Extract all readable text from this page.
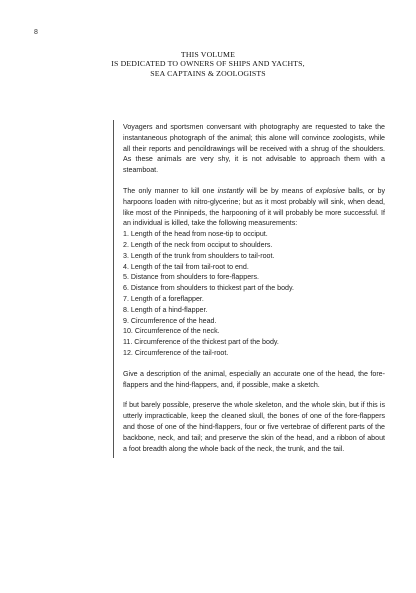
8
THIS VOLUME
IS DEDICATED TO OWNERS OF SHIPS AND YACHTS,
SEA CAPTAINS & ZOOLOGISTS

Voyagers and sportsmen conversant with photography are requested to take the instantaneous photograph of the animal; this alone will convince zoologists, while all their reports and pencildrawings will be received with a shrug of the shoulders. As these animals are very shy, it is not advisable to approach them with a steamboat.

The only manner to kill one instantly will be by means of explosive balls, or by harpoons loaden with nitro-glycerine; but as it most probably will sink, when dead, like most of the Pinnipeds, the harpooning of it will probably be more successful. If an individual is killed, take the following measurements:

1. Length of the head from nose-tip to occiput.
2. Length of the neck from occiput to shoulders.
3. Length of the trunk from shoulders to tail-root.
4. Length of the tail from tail-root to end.
5. Distance from shoulders to fore-flappers.
6. Distance from shoulders to thickest part of the body.
7. Length of a foreflapper.
8. Length of a hind-flapper.
9. Circumference of the head.
10. Circumference of the neck.
11. Circumference of the thickest part of the body.
12. Circumference of the tail-root.

Give a description of the animal, especially an accurate one of the head, the fore-flappers and the hind-flappers, and, if possible, make a sketch.

If but barely possible, preserve the whole skeleton, and the whole skin, but if this is utterly impracticable, keep the cleaned skull, the bones of one of the fore-flappers and those of one of the hind-flappers, four or five vertebrae of different parts of the backbone, neck, and tail; and preserve the skin of the head, and a ribbon of about a foot breadth along the whole back of the neck, the trunk, and the tail.
